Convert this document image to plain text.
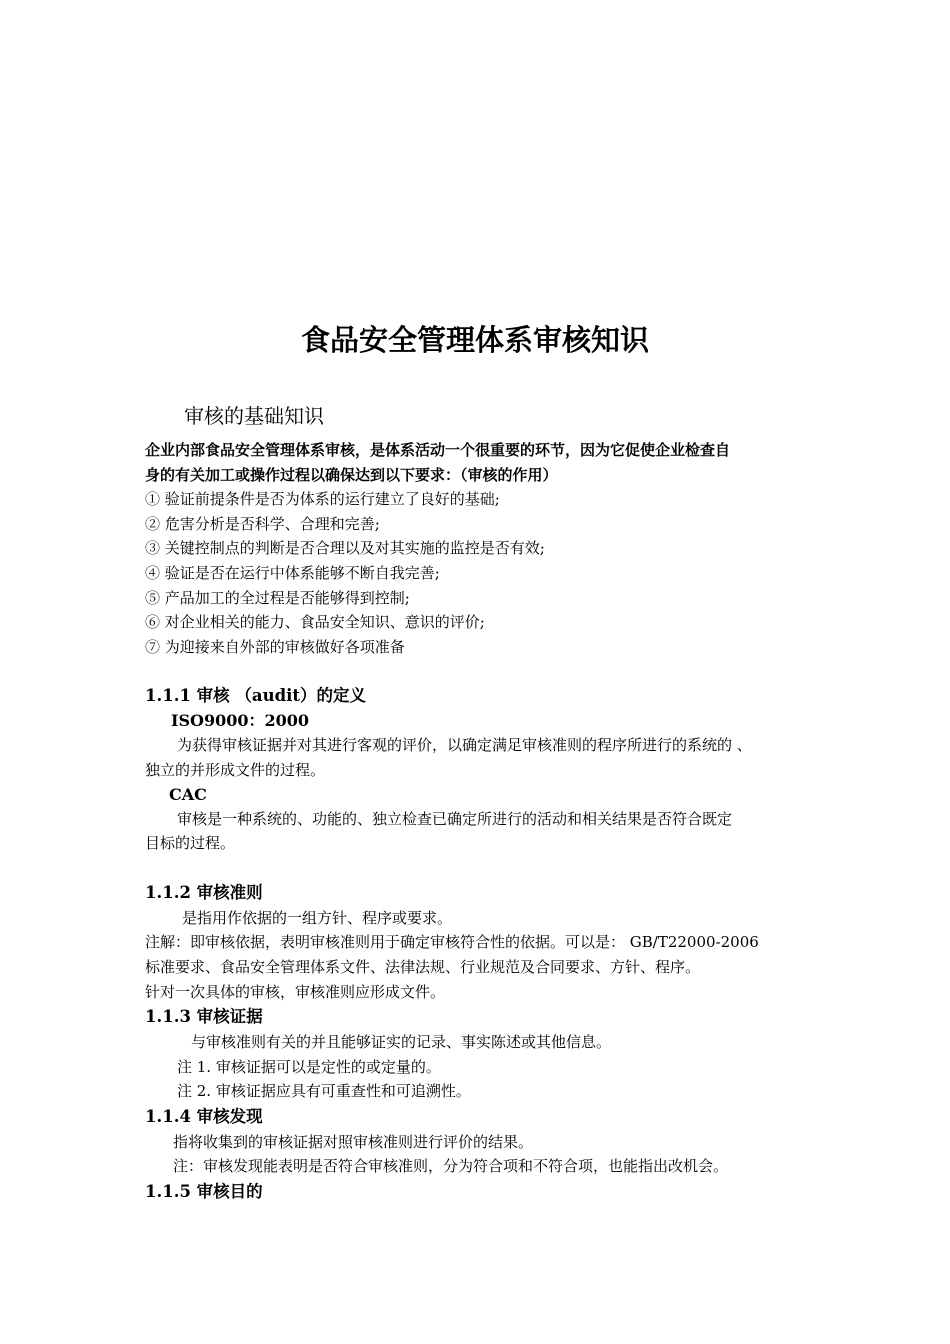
食品安全管理体系审核知识
审核的基础知识
企业内部食品安全管理体系审核，是体系活动一个很重要的环节，因为它促使企业检查自
身的有关加工或操作过程以确保达到以下要求：（审核的作用）
① 验证前提条件是否为体系的运行建立了良好的基础;
② 危害分析是否科学、合理和完善;
③ 关键控制点的判断是否合理以及对其实施的监控是否有效;
④ 验证是否在运行中体系能够不断自我完善;
⑤ 产品加工的全过程是否能够得到控制;
⑥ 对企业相关的能力、食品安全知识、意识的评价;
⑦ 为迎接来自外部的审核做好各项准备
1.1.1 审核 （audit）的定义
ISO9000：2000
为获得审核证据并对其进行客观的评价，以确定满足审核准则的程序所进行的系统的 、
独立的并形成文件的过程。
CAC
审核是一种系统的、功能的、独立检查已确定所进行的活动和相关结果是否符合既定
目标的过程。
1.1.2 审核准则
是指用作依据的一组方针、程序或要求。
注解：即审核依据，表明审核准则用于确定审核符合性的依据。可以是： GB/T22000-2006
标准要求、食品安全管理体系文件、法律法规、行业规范及合同要求、方针、程序。
针对一次具体的审核，审核准则应形成文件。
1.1.3 审核证据
与审核准则有关的并且能够证实的记录、事实陈述或其他信息。
注 1. 审核证据可以是定性的或定量的。
注 2. 审核证据应具有可重查性和可追溯性。
1.1.4 审核发现
指将收集到的审核证据对照审核准则进行评价的结果。
注：审核发现能表明是否符合审核准则，分为符合项和不符合项，也能指出改机会。
1.1.5 审核目的
